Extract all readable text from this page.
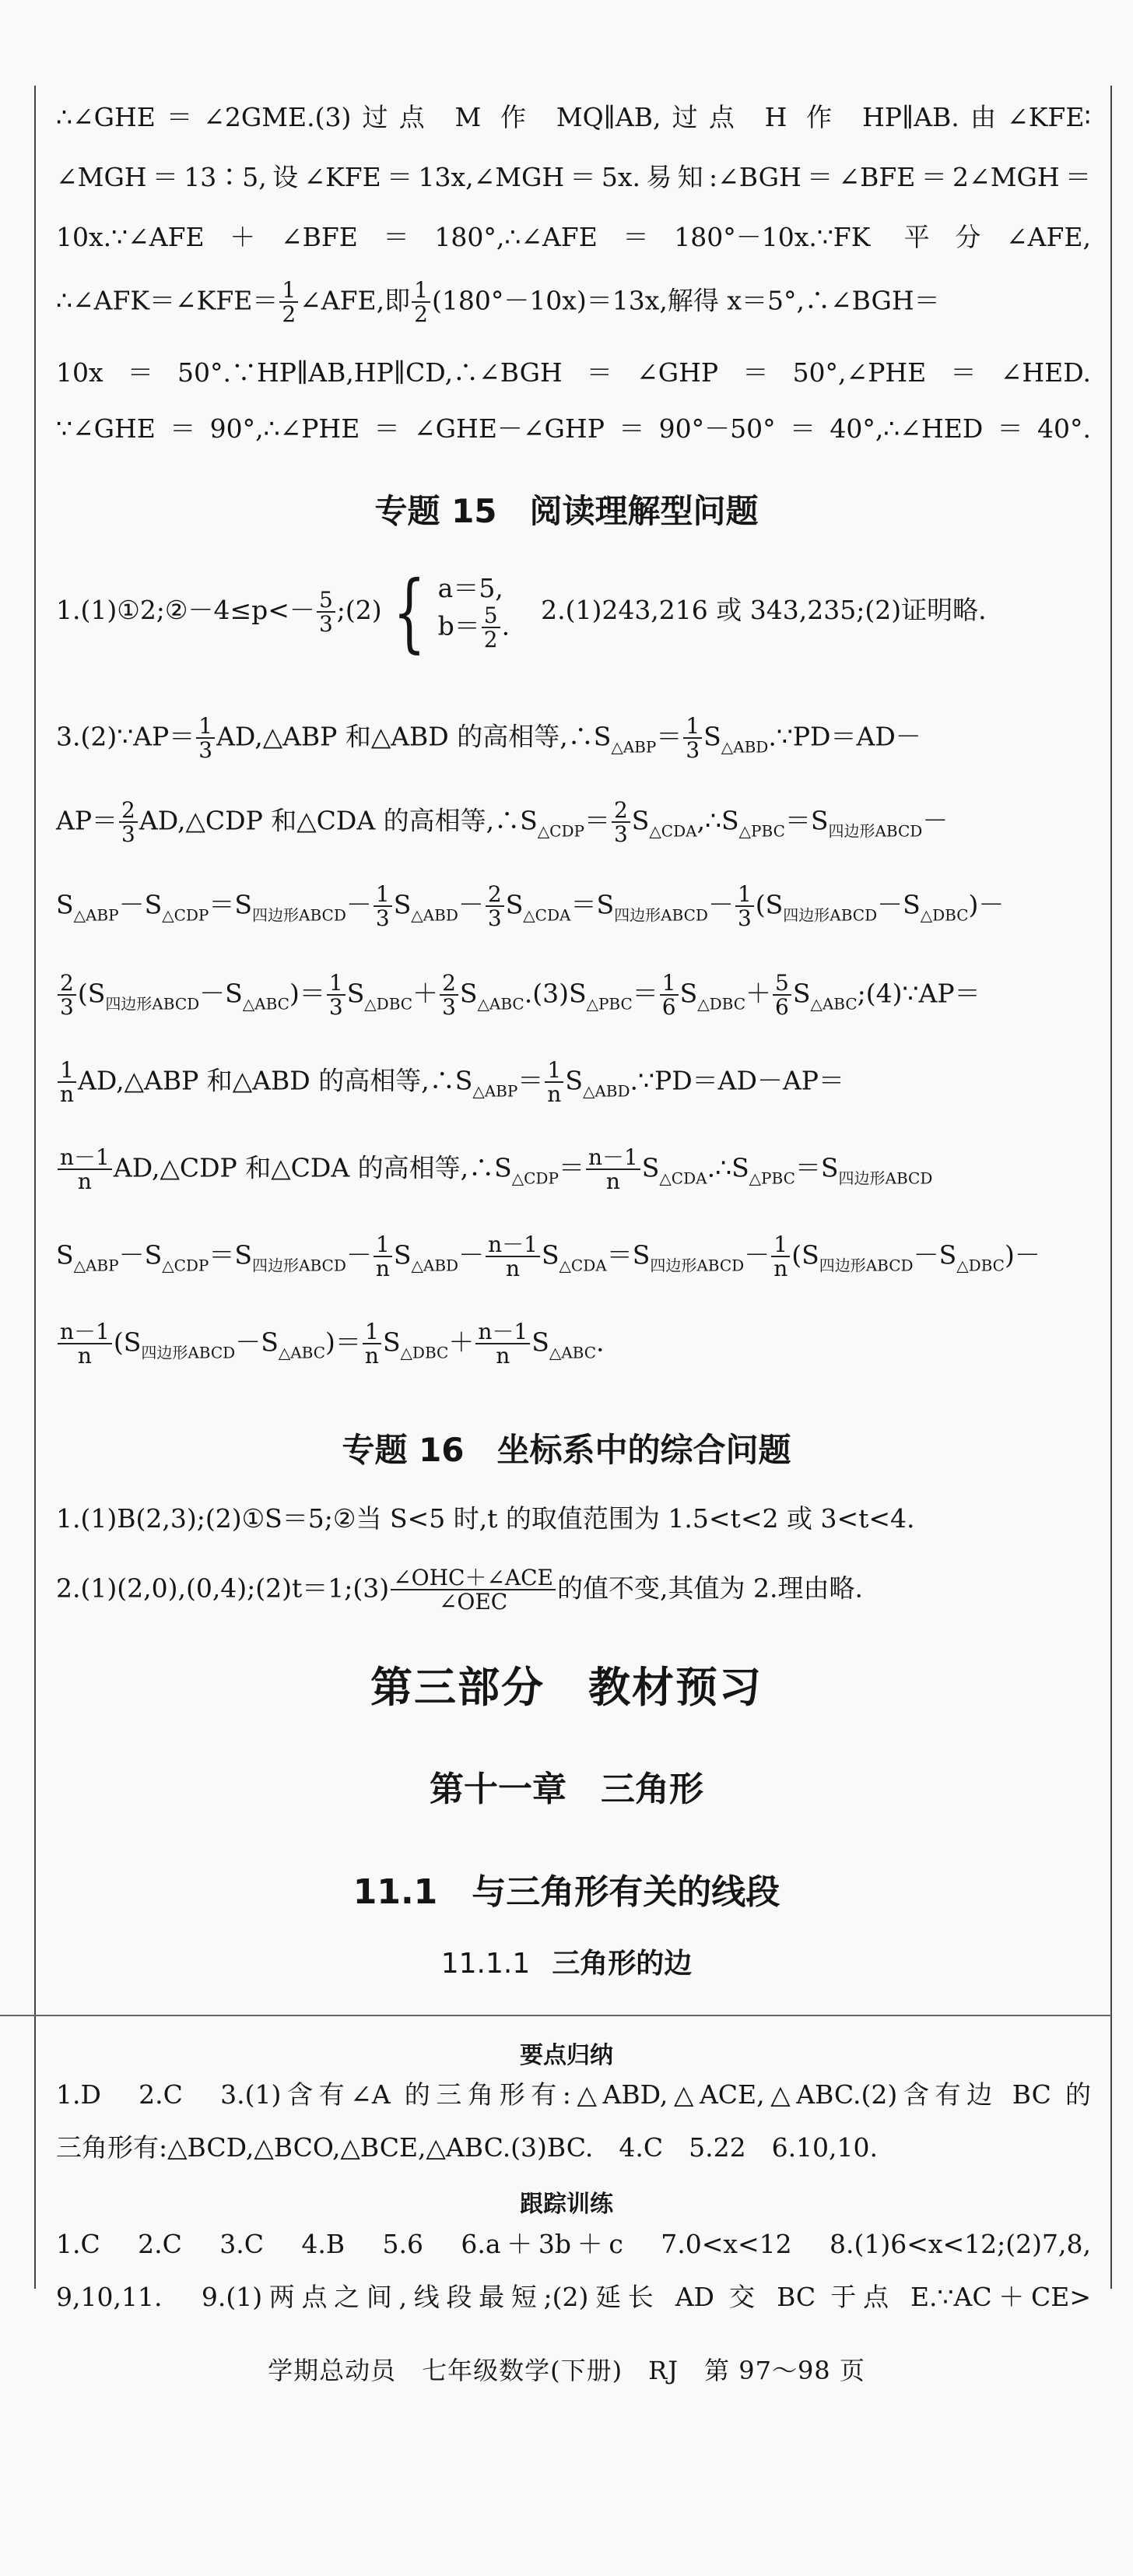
∴∠GHE＝∠2GME.(3)过点 M 作 MQ∥AB,过点 H 作 HP∥AB.由∠KFE∶
∠MGH＝13∶5,设∠KFE＝13x,∠MGH＝5x.易知:∠BGH＝∠BFE＝2∠MGH＝
10x.∵∠AFE＋∠BFE＝180°,∴∠AFE＝180°－10x.∵FK 平分∠AFE,
∴∠AFK＝∠KFE＝ $\frac{1}{2}$ ∠AFE,即 $\frac{1}{2} (180^\circ-10x)=13x$,解得 x＝5°,∴∠BGH＝
10x＝50°.∵HP∥AB,HP∥CD,∴∠BGH＝∠GHP＝50°,∠PHE＝∠HED.
∵∠GHE＝90°,∴∠PHE＝∠GHE－∠GHP＝90°－50°＝40°,∴∠HED＝40°.
专题 15　阅读理解型问题
1.(1)①2;②－4≤p<－ $\frac{5}{3}$ ;(2) { a＝5,
$b= \frac{5}{2}$ .
2.(1)243,216 或 343,235;(2)证明略.
3.(2)∵AP＝ $\frac{1}{3}$ AD,△ABP 和△ABD 的高相等$,\therefore S_{\triangle ABP}= \frac{1}{3}$ $S_{\triangle ABD}.\because PD=AD-$
$AP= \frac{2}{3}$ AD,△CDP 和△CDA 的高相等$,\therefore S_{\triangle CDP}= \frac{2}{3}$ $S_{\triangle CDA},\therefore S_{\triangle PBC}=S_{四边形ABCD}-$
$S_{\triangle ABP}-S_{\triangle CDP}=S_{四边形ABCD}- \frac{1}{3} S_{\triangle ABD}- \frac{2}{3} S_{\triangle CDA}=S_{四边形ABCD}- \frac{1}{3} (S_{四边形ABCD}-S_{\triangle DBC})-$
$\frac{2}{3} (S_{四边形ABCD}-S_{\triangle ABC})= \frac{1}{3} S_{\triangle DBC}+ \frac{2}{3} S_{\triangle ABC}.(3)S_{\triangle PBC}= \frac{1}{6} S_{\triangle DBC}+ \frac{5}{6}$ $S_{\triangle ABC};(4)\because AP=$
$\frac{1}{n}$ AD,△ABP 和△ABD 的高相等$,\therefore S_{\triangle ABP}= \frac{1}{n}$ $S_{\triangle ABD}.\because PD=AD-AP=$
$\frac{n-1}{n}$ AD,△CDP 和△CDA 的高相等$,\therefore S_{\triangle CDP}= \frac{n-1}{n}$ $S_{\triangle CDA}.\therefore S_{\triangle PBC}=S_{四边形ABCD}$
$S_{\triangle ABP}-S_{\triangle CDP}=S_{四边形ABCD}- \frac{1}{n} S_{\triangle ABD}- \frac{n-1}{n} S_{\triangle CDA}=S_{四边形ABCD}- \frac{1}{n} (S_{四边形ABCD}-S_{\triangle DBC})-$
$\frac{n-1}{n} (S_{四边形ABCD}-S_{\triangle ABC})= \frac{1}{n} S_{\triangle DBC}+ \frac{n-1}{n} S_{\triangle ABC}$.
专题 16　坐标系中的综合问题
1.(1)B(2,3);(2)①S＝5;②当 S<5 时,t 的取值范围为 1.5<t<2 或 3<t<4.
2.(1)(2,0),(0,4);(2)t＝1;(3) ∠OHC＋∠ACE
∠OEC	的值不变,其值为 2.理由略.
第三部分　教材预习
第十一章　三角形
11.1　与三角形有关的线段
11.1.1 三角形的边
要点归纳
1.D　2.C　3.(1)含有∠A 的三角形有:△ABD,△ACE,△ABC.(2)含有边 BC 的
三角形有:△BCD,△BCO,△BCE,△ABC.(3)BC.　4.C　5.22　6.10,10.
跟踪训练
1.C　2.C　3.C　4.B　5.6　6.a＋3b＋c　7.0<x<12　8.(1)6<x<12;(2)7,8,
9,10,11.　9.(1)两点之间,线段最短;(2)延长 AD 交 BC 于点 E.∵AC＋CE>
学期总动员　七年级数学(下册)　RJ　第 97～98 页
